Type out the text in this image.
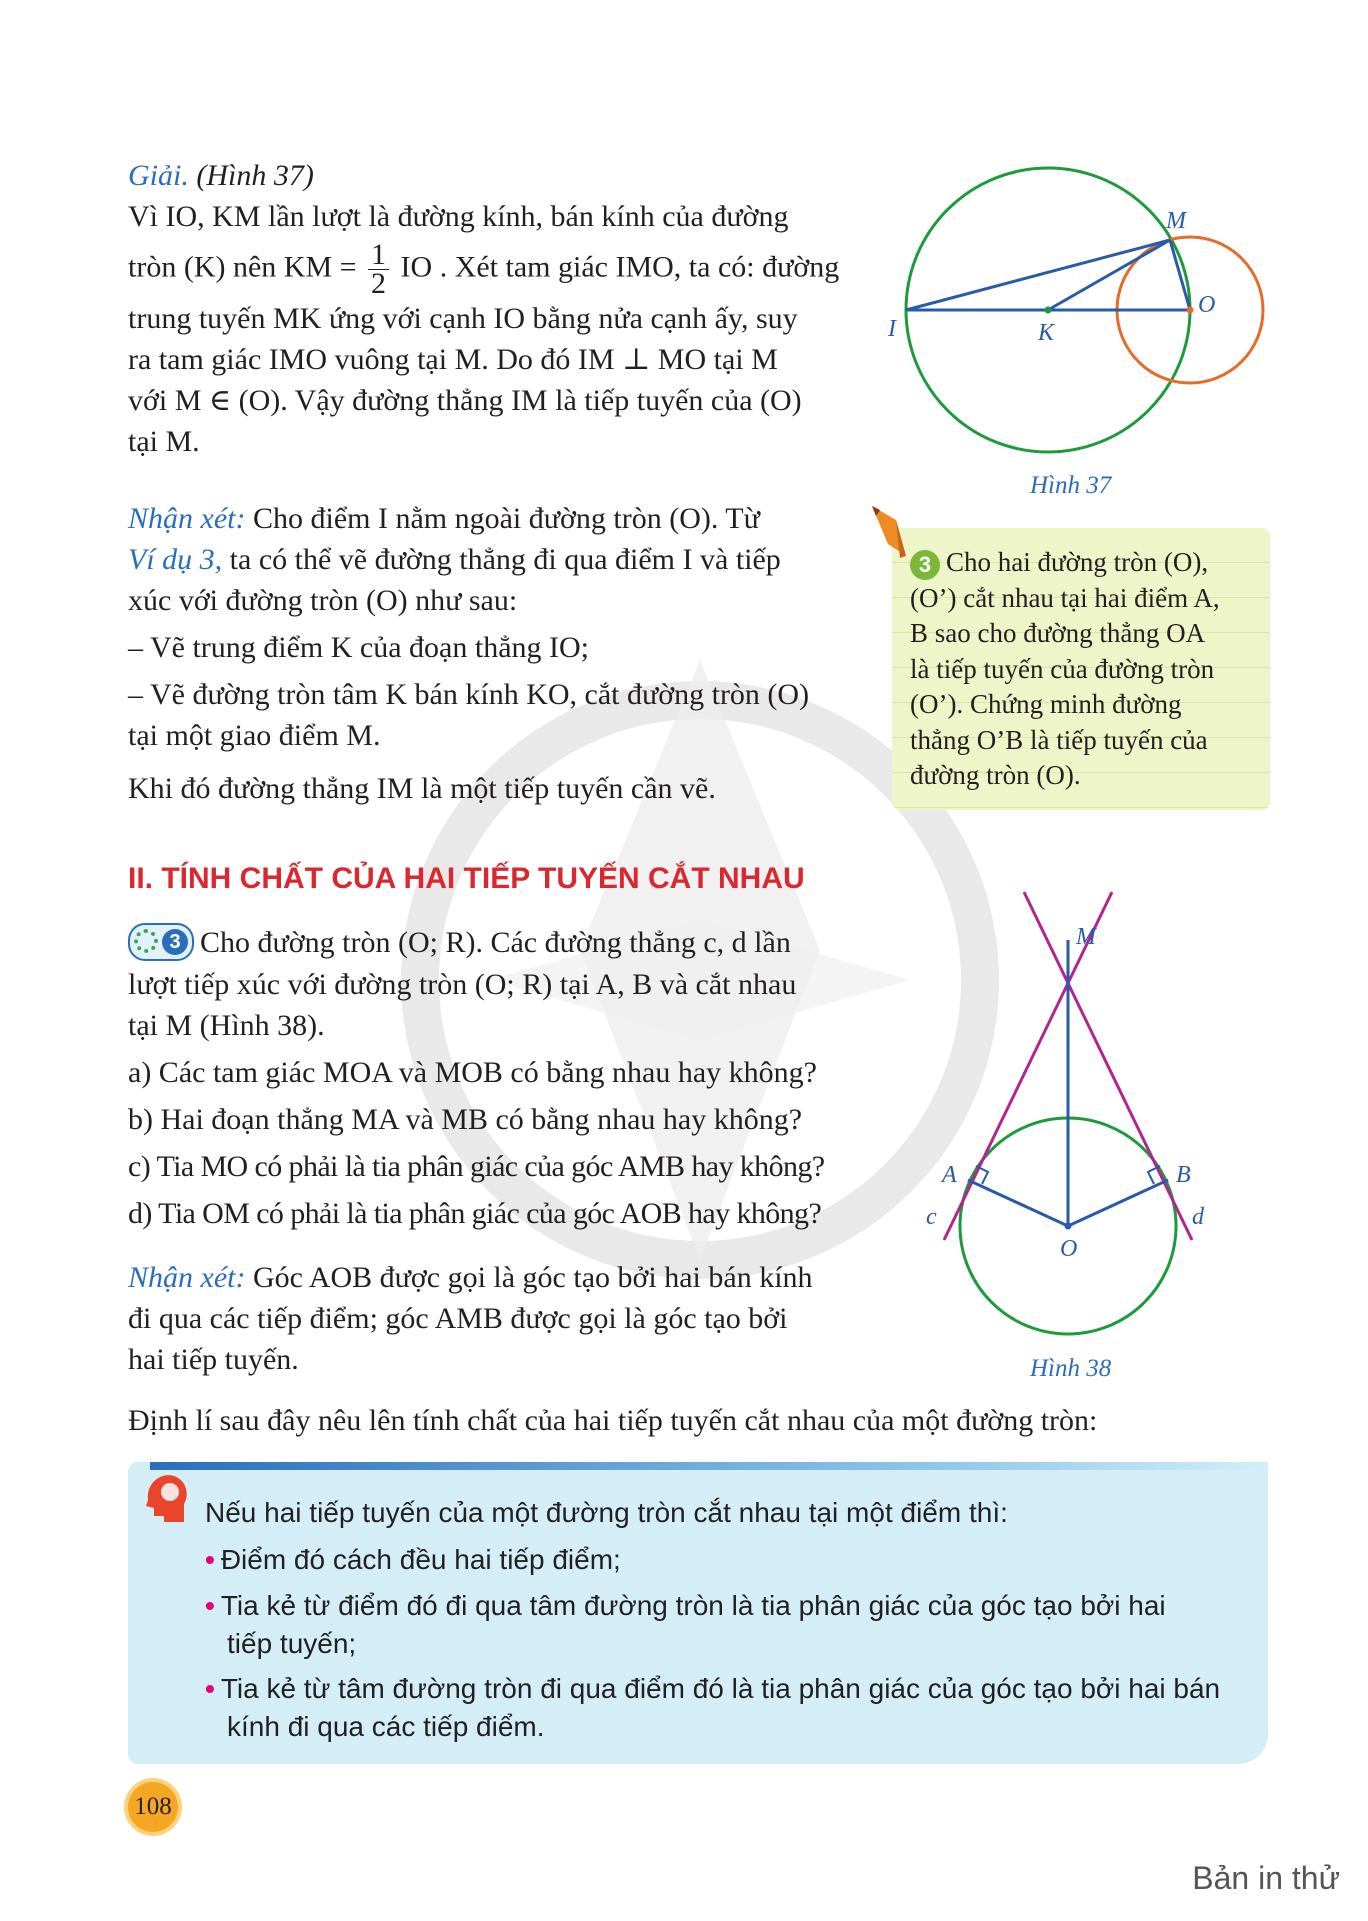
Giải. (Hình 37)
Vì IO, KM lần lượt là đường kính, bán kính của đường
tròn (K) nên KM = $\frac{1}{2}$ IO . Xét tam giác IMO, ta có: đường
trung tuyến MK ứng với cạnh IO bằng nửa cạnh ấy, suy
ra tam giác IMO vuông tại M. Do đó IM ⊥ MO tại M
với M ∈ (O). Vậy đường thẳng IM là tiếp tuyến của (O)
tại M.
Nhận xét: Cho điểm I nằm ngoài đường tròn (O). Từ
Ví dụ 3, ta có thể vẽ đường thẳng đi qua điểm I và tiếp
xúc với đường tròn (O) như sau:
– Vẽ trung điểm K của đoạn thẳng IO;
– Vẽ đường tròn tâm K bán kính KO, cắt đường tròn (O)
tại một giao điểm M.
Khi đó đường thẳng IM là một tiếp tuyến cần vẽ.
M
O
I	K
Hình 37
3 Cho hai đường tròn (O),
(O’) cắt nhau tại hai điểm A,
B sao cho đường thẳng OA
là tiếp tuyến của đường tròn
(O’). Chứng minh đường
thẳng O’B là tiếp tuyến của
đường tròn (O).
II. TÍNH CHẤT CỦA HAI TIẾP TUYẾN CẮT NHAU
3 Cho đường tròn (O; R). Các đường thẳng c, d lần
lượt tiếp xúc với đường tròn (O; R) tại A, B và cắt nhau
tại M (Hình 38).
a) Các tam giác MOA và MOB có bằng nhau hay không?
b) Hai đoạn thẳng MA và MB có bằng nhau hay không?
c) Tia MO có phải là tia phân giác của góc AMB hay không?
d) Tia OM có phải là tia phân giác của góc AOB hay không?
Nhận xét: Góc AOB được gọi là góc tạo bởi hai bán kính
đi qua các tiếp điểm; góc AMB được gọi là góc tạo bởi
hai tiếp tuyến.
M
A	B
O
c	d
Hình 38
Định lí sau đây nêu lên tính chất của hai tiếp tuyến cắt nhau của một đường tròn:
Nếu hai tiếp tuyến của một đường tròn cắt nhau tại một điểm thì:
• Điểm đó cách đều hai tiếp điểm;
• Tia kẻ từ điểm đó đi qua tâm đường tròn là tia phân giác của góc tạo bởi hai
tiếp tuyến;
• Tia kẻ từ tâm đường tròn đi qua điểm đó là tia phân giác của góc tạo bởi hai bán
kính đi qua các tiếp điểm.
108
Bản in thử
